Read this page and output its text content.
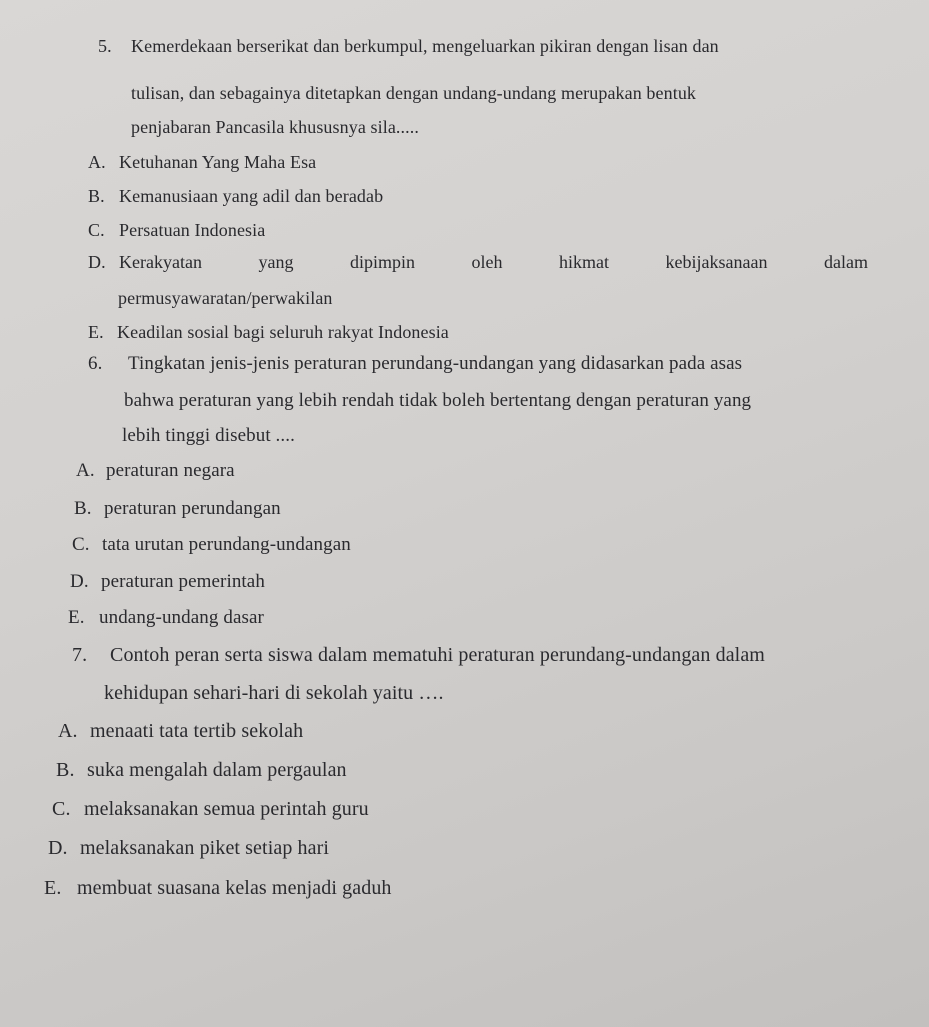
5. Kemerdekaan berserikat dan berkumpul, mengeluarkan pikiran dengan lisan dan
tulisan, dan sebagainya ditetapkan dengan undang-undang merupakan bentuk
penjabaran Pancasila khususnya sila.....
A. Ketuhanan Yang Maha Esa
B. Kemanusiaan yang adil dan beradab
C. Persatuan Indonesia
D. Kerakyatan	yang	dipimpin	oleh	hikmat	kebijaksanaan	dalam
permusyawaratan/perwakilan
E. Keadilan sosial bagi seluruh rakyat Indonesia
6. Tingkatan jenis-jenis peraturan perundang-undangan yang didasarkan pada asas
bahwa peraturan yang lebih rendah tidak boleh bertentang dengan peraturan yang
lebih tinggi disebut ....
A. peraturan negara
B. peraturan perundangan
C. tata urutan perundang-undangan
D. peraturan pemerintah
E. undang-undang dasar
7. Contoh peran serta siswa dalam mematuhi peraturan perundang-undangan dalam
kehidupan sehari-hari di sekolah yaitu ….
A. menaati tata tertib sekolah
B. suka mengalah dalam pergaulan
C. melaksanakan semua perintah guru
D. melaksanakan piket setiap hari
E. membuat suasana kelas menjadi gaduh
